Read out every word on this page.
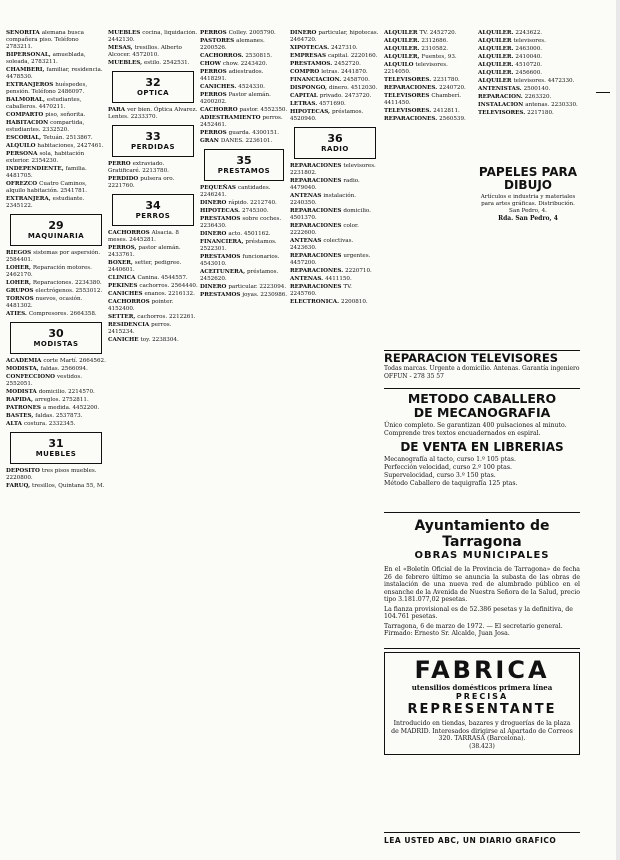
SEÑORITA alemana busca compañera piso. Teléfono 2783211.

BIPERSONAL, amueblada, soleada, 2783211.

CHAMBERI, familiar, residencia. 4478530.

EXTRANJEROS huéspedes, pensión. Teléfono 2486097.

BALMORAL, estudiantes, caballeros. 4470211.

COMPARTO piso, señorita.

HABITACION compartida, estudiantes. 2332520.

ESCORIAL, Tetuán. 2513867.

ALQUILO habitaciones, 2427461.

PERSONA sola, habitación exterior. 2354230.

INDEPENDIENTE, familia. 4481705.

OFREZCO Cuatro Caminos, alquilo habitación. 2541781.

EXTRANJERA, estudiante. 2345122.

29
MAQUINARIA

RIEGOS sistemas por aspersión. 2584401.

LOHER, Reparación motores. 2462170.

LOHER, Reparaciones. 2234380.

GRUPOS electrógenos. 2553012.

TORNOS nuevos, ocasión. 4481302.

ATIES. Compresores. 2664358.

30
MODISTAS

ACADEMIA corte Martí. 2664562.

MODISTA, faldas. 2566094.

CONFECCIONO vestidos. 2552051.

MODISTA domicilio. 2214570.

RAPIDA, arreglos. 2752811.

PATRONES a medida. 4452200.

BASTES, faldas. 2537873.

ALTA costura. 2332345.

31
MUEBLES

DEPOSITO tres pisos muebles. 2220800.

FARUQ, tresillos, Quintana 55, M.

MUEBLES cocina, liquidación. 2442130.

MESAS, tresillos. Alberto Alcocer. 4572010.

MUEBLES, estilo. 2542531.

32
OPTICA

PARA ver bien. Óptica Alvarez. Lentes. 2233370.

33
PERDIDAS

PERRO extraviado. Gratificaré. 2213780.

PERDIDO pulsera oro. 2221760.

34
PERROS

CACHORROS Alsacia. 8 meses. 2445281.

PERROS, pastor alemán. 2433761.

BOXER, setter, pedigree. 2440601.

CLINICA Canina. 4544557.

PEKINES cachorros. 2564440.

CANICHES enanos. 2216132.

CACHORROS pointer. 4152400.

SETTER, cachorros. 2212261.

RESIDENCIA perros. 2415234.

CANICHE toy. 2238304.

PERROS Colley. 2005790.

PASTORES alemanes. 2200526.

CACHORROS. 2530815.

CHOW chow. 2243420.

PERROS adiestrados. 4418291.

CANICHES. 4524330.

PERROS Pastor alemán. 4200202.

CACHORRO pastor. 4552350.

ADIESTRAMIENTO perros. 2452461.

PERROS guarda. 4300151.

GRAN DANES. 2236101.

35
PRESTAMOS

PEQUEÑAS cantidades. 2246241.

DINERO rápido. 2212740.

HIPOTECAS. 2745300.

PRESTAMOS sobre coches. 2236430.

DINERO acto. 4501162.

FINANCIERA, préstamos. 2522301.

PRESTAMOS funcionarios. 4543010.

ACEITUNERA, préstamos. 2452620.

DINERO particular. 2223094.

PRESTAMOS joyas. 2230986.

DINERO particular, hipotecas. 2464720.

XIPOTECAS. 2427310.

EMPRESAS capital. 2220160.

PRESTAMOS. 2452720.

COMPRO letras. 2441870.

FINANCIACION. 2458700.

DISPONGO, dinero. 4512030.

CAPITAL privado. 2473720.

LETRAS. 4571690.

HIPOTECAS, préstamos. 4520940.

36
RADIO

REPARACIONES televisores. 2231802.

REPARACIONES radio. 4479040.

ANTENAS instalación. 2240350.

REPARACIONES domicilio. 4501370.

REPARACIONES color. 2222600.

ANTENAS colectivas. 2423630.

REPARACIONES urgentes. 4457200.

REPARACIONES. 2220710.

ANTENAS. 4411150.

REPARACIONES TV. 2245760.

ELECTRONICA. 2200810.

ALQUILER TV. 2452720.

ALQUILER. 2312686.

ALQUILER. 2310582.

ALQUILER, Fuentes, 93.

ALQUILO televisores. 2214050.

TELEVISORES. 2231780.

REPARACIONES. 2240720.

TELEVISORES Chamberí. 4411450.

TELEVISORES. 2412811.

REPARACIONES. 2560539.

ALQUILER. 2243622.

ALQUILER televisores.

ALQUILER. 2463000.

ALQUILER. 2410040.

ALQUILER. 4510720.

ALQUILER. 2456600.

ALQUILER televisores. 4472330.

ANTENISTAS. 2500140.

REPARACION. 2263320.

INSTALACION antenas. 2230330.

TELEVISORES. 2217180.

PAPELES PARA DIBUJO
Artículos e industria y materiales para artes gráficas. Distribución. San Pedro, 4.
Rda. San Pedro, 4
REPARACION TELEVISORES
Todas marcas. Urgente a domicilio. Antenas. Garantía ingeniero OFFUN - 278 35 57
METODO CABALLERO
DE MECANOGRAFIA
Único completo. Se garantizan 400 pulsaciones al minuto. Comprende tres textos encuadernados en espiral.
DE VENTA EN LIBRERIAS
Mecanografía al tacto, curso 1.º 105 ptas.
Perfección velocidad, curso 2.º 100 ptas.
Supervelocidad, curso 3.º 150 ptas.
Método Caballero de taquigrafía 125 ptas.
Ayuntamiento de Tarragona
OBRAS MUNICIPALES
En el «Boletín Oficial de la Provincia de Tarragona» de fecha 26 de febrero último se anuncia la subasta de las obras de instalación de una nueva red de alumbrado público en el ensanche de la Avenida de Nuestra Señora de la Salud, precio tipo 3.181.077,02 pesetas.
La fianza provisional es de 52.386 pesetas y la definitiva, de 104.761 pesetas.
Tarragona, 6 de marzo de 1972. — El secretario general. Firmado: Ernesto Sr. Alcalde, Juan Josa.
FABRICA
utensilios domésticos primera línea
PRECISA
REPRESENTANTE
Introducido en tiendas, bazares y droguerías de la plaza de MADRID. Interesados dirigirse al Apartado de Correos 320. TARRASA (Barcelona).
(38.423)
LEA USTED ABC, UN DIARIO GRAFICO
